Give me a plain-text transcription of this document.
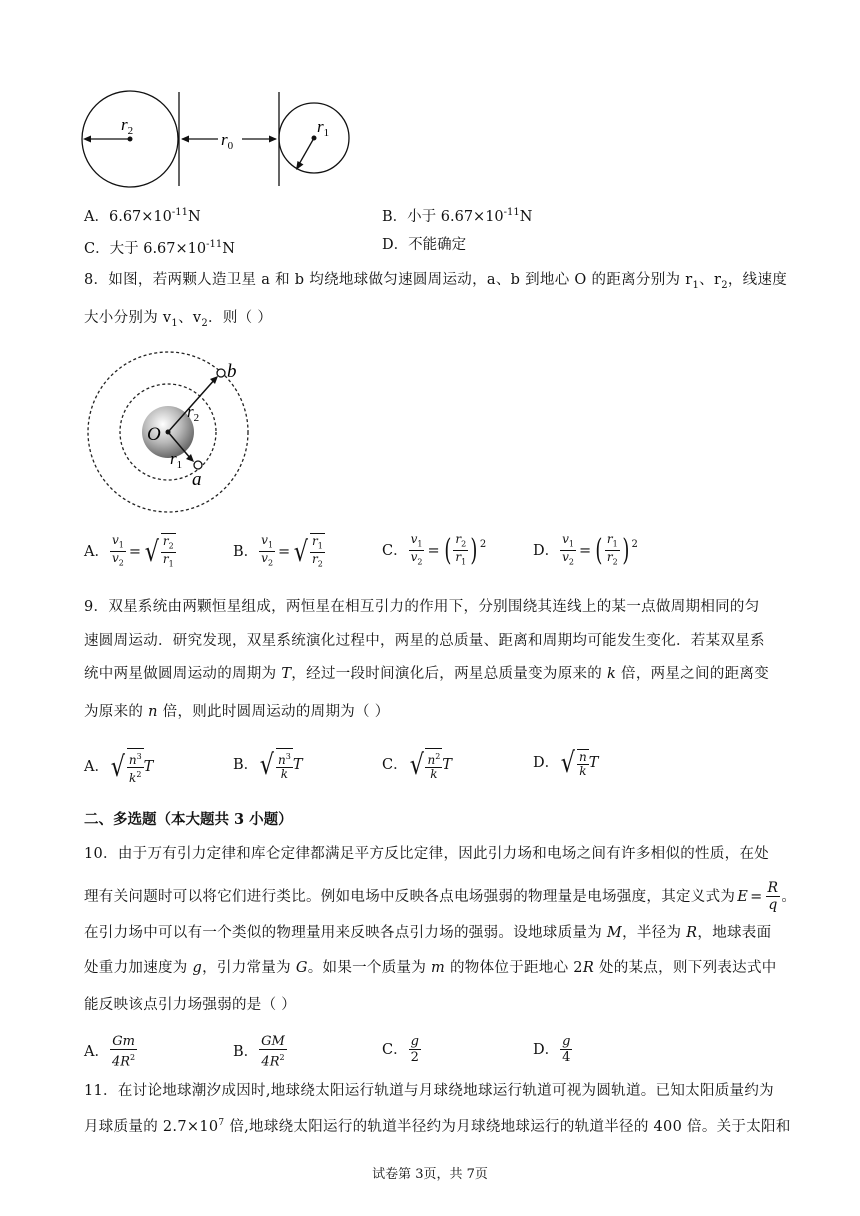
$r_2$	$r_0$
$r_1$
A．$6.67\times 10^{-11}N$	B．小于 $6.67\times 10^{-11}N$
C．大于 $6.67\times 10^{-11}N$	D．不能确定
8．如图，若两颗人造卫星 a 和 b 均绕地球做匀速圆周运动，a、b 到地心 O 的距离分别为 $r_1$、$r_2$，线速度
大小分别为 $v_1$、$v_2$．则（ ）
O
b
a
$r_2$
$r_1$
A． $\frac{v_1}{v_2}$ = √ $\frac{r_2}{r_1}$	B． $\frac{v_1}{v_2}$ = √ $\frac{r_1}{r_2}$	C． $\frac{v_1}{v_2}$ = ( $\frac{r_2}{r_1} )^2$	D． $\frac{v_1}{v_2}$ = ( $\frac{r_1}{r_2} )^2$
9．双星系统由两颗恒星组成，两恒星在相互引力的作用下，分别围绕其连线上的某一点做周期相同的匀
速圆周运动．研究发现，双星系统演化过程中，两星的总质量、距离和周期均可能发生变化．若某双星系
统中两星做圆周运动的周期为 T，经过一段时间演化后，两星总质量变为原来的 k 倍，两星之间的距离变
为原来的 n 倍，则此时圆周运动的周期为（ ）
A． √ $\frac{n^3}{k^2}$ T	B． √ $\frac{n^3}{k}$ T	C． √ $\frac{n^2}{k}$ T	D． √ $\frac{n}{k}$ T
二、多选题（本大题共 3 小题）
10．由于万有引力定律和库仑定律都满足平方反比定律，因此引力场和电场之间有许多相似的性质，在处
理有关问题时可以将它们进行类比。例如电场中反映各点电场强弱的物理量是电场强度，其定义式为 $E = \frac{R}{q}$ 。
在引力场中可以有一个类似的物理量用来反映各点引力场的强弱。设地球质量为 M，半径为 R，地球表面
处重力加速度为 g，引力常量为 G。如果一个质量为 m 的物体位于距地心 2R 处的某点，则下列表达式中
能反映该点引力场强弱的是（ ）
A． $\frac{Gm}{4R^2}$	B． $\frac{GM}{4R^2}$	C． $\frac{g}{2}$	D． $\frac{g}{4}$
11．在讨论地球潮汐成因时,地球绕太阳运行轨道与月球绕地球运行轨道可视为圆轨道。已知太阳质量约为
月球质量的 $2.7\times 10^7$ 倍,地球绕太阳运行的轨道半径约为月球绕地球运行的轨道半径的 400 倍。关于太阳和
试卷第 3页，共 7页
